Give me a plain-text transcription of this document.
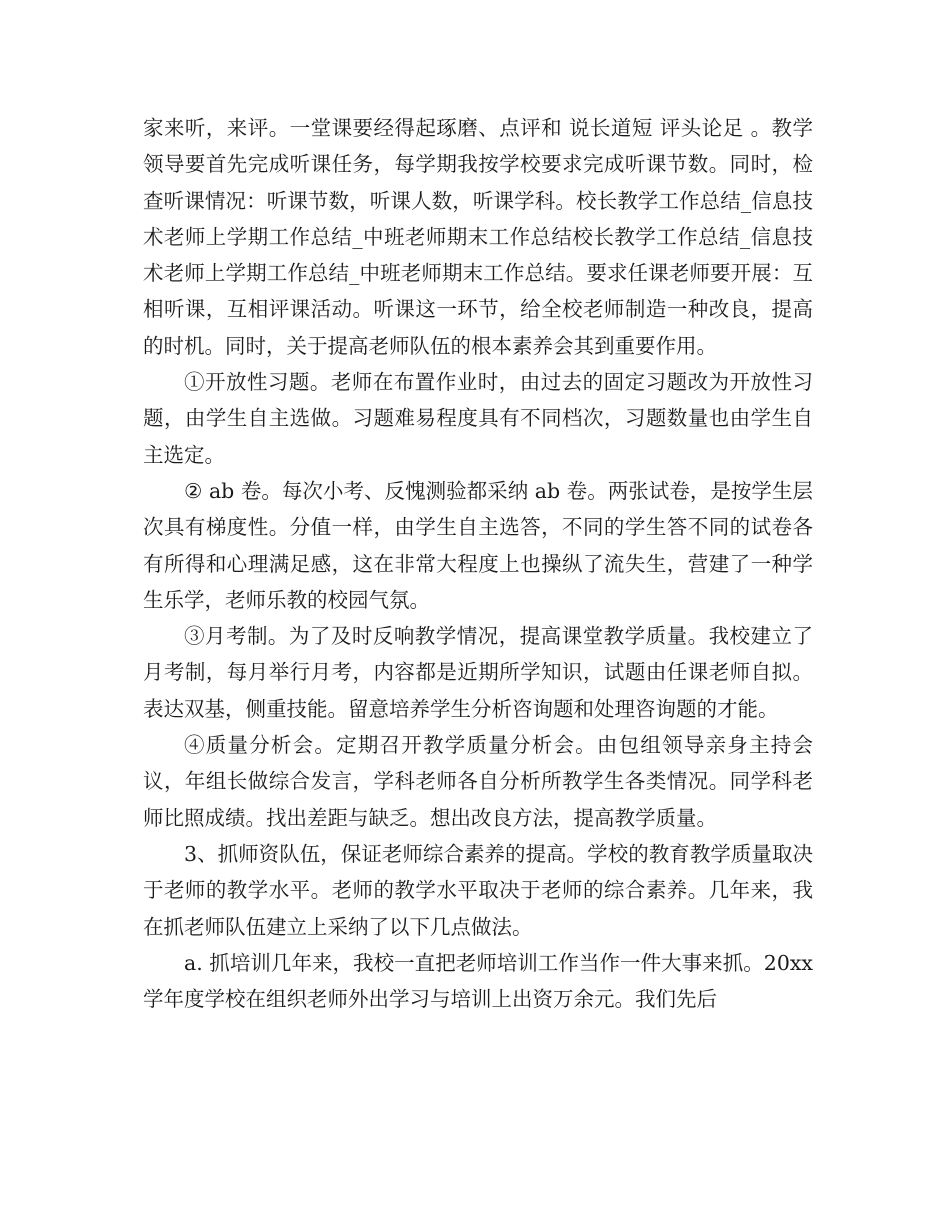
家来听，来评。一堂课要经得起琢磨、点评和 说长道短 评头论足 。教学领导要首先完成听课任务，每学期我按学校要求完成听课节数。同时，检查听课情况：听课节数，听课人数，听课学科。校长教学工作总结_信息技术老师上学期工作总结_中班老师期末工作总结校长教学工作总结_信息技术老师上学期工作总结_中班老师期末工作总结。要求任课老师要开展：互相听课，互相评课活动。听课这一环节，给全校老师制造一种改良，提高的时机。同时，关于提高老师队伍的根本素养会其到重要作用。

①开放性习题。老师在布置作业时，由过去的固定习题改为开放性习题，由学生自主选做。习题难易程度具有不同档次，习题数量也由学生自主选定。

② ab 卷。每次小考、反愧测验都采纳 ab 卷。两张试卷，是按学生层次具有梯度性。分值一样，由学生自主选答，不同的学生答不同的试卷各有所得和心理满足感，这在非常大程度上也操纵了流失生，营建了一种学生乐学，老师乐教的校园气氛。

③月考制。为了及时反响教学情况，提高课堂教学质量。我校建立了月考制，每月举行月考，内容都是近期所学知识，试题由任课老师自拟。表达双基，侧重技能。留意培养学生分析咨询题和处理咨询题的才能。

④质量分析会。定期召开教学质量分析会。由包组领导亲身主持会议，年组长做综合发言，学科老师各自分析所教学生各类情况。同学科老师比照成绩。找出差距与缺乏。想出改良方法，提高教学质量。

3、抓师资队伍，保证老师综合素养的提高。学校的教育教学质量取决于老师的教学水平。老师的教学水平取决于老师的综合素养。几年来，我在抓老师队伍建立上采纳了以下几点做法。

a. 抓培训几年来，我校一直把老师培训工作当作一件大事来抓。20xx 学年度学校在组织老师外出学习与培训上出资万余元。我们先后
